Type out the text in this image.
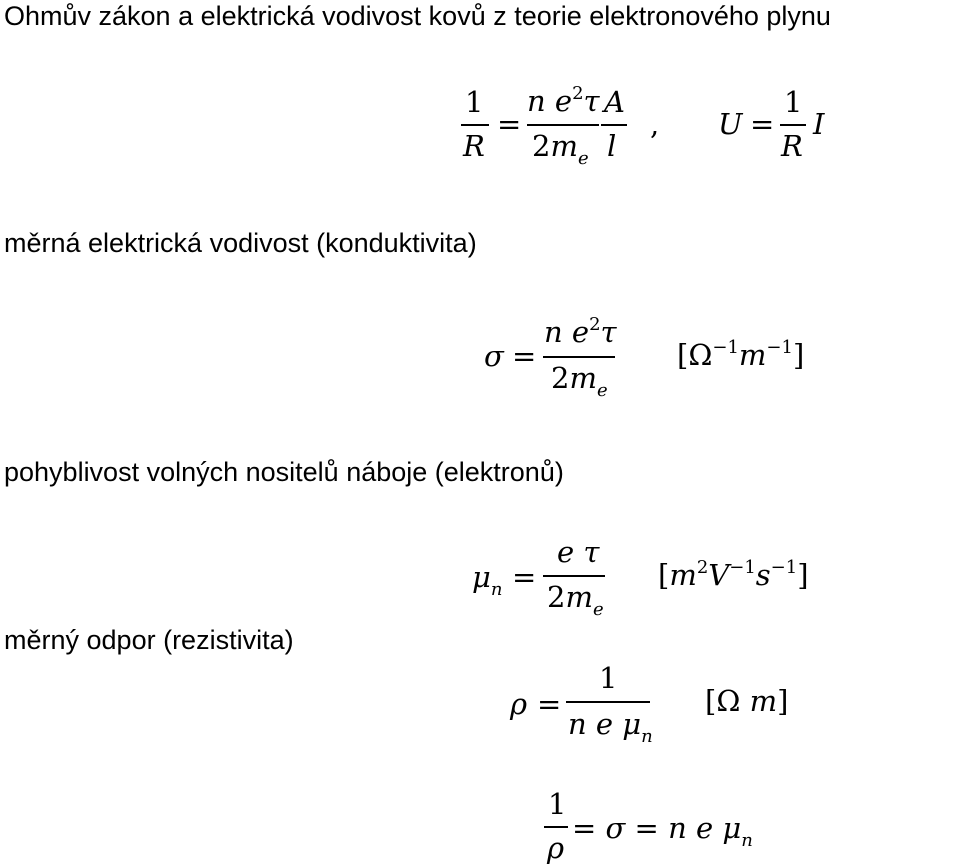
Ohmův zákon a elektrická vodivost kovů z teorie elektronového plynu
měrná elektrická vodivost (konduktivita)
pohyblivost volných nositelů náboje (elektronů)
měrný odpor (rezistivita)
1
R
=
n $e^2\tau$
$2m_e$
A
l
, U =
1
R
I
σ =
n $e^2\tau$
$2m_e$
$[\Omega^{-1}m^{-1}]$
$\mu_n$ =
e τ
$2m_e$
$[m^2V^{-1}s^{-1}]$
ρ =
1
n e $\mu_n$
[Ω m]
1
ρ
= σ = n e $\mu_n$
